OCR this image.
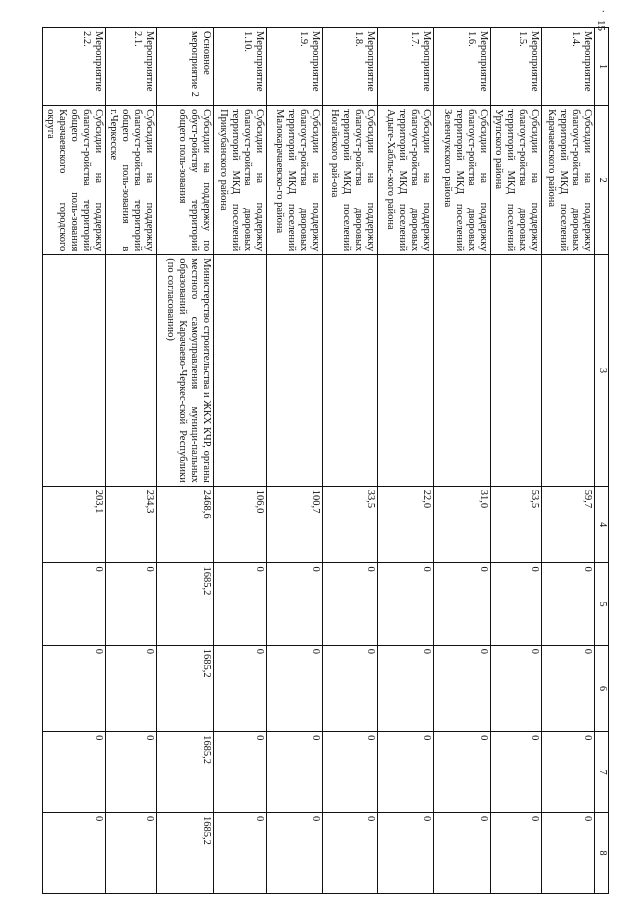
.
15
1	2	3	4	5	6	7	8
Мероприятие 1.4.	Субсидии на поддержку благоуст-ройства дворовых территорий МКД поселений Карачаевского района		59,7	0	0	0	0
Мероприятие 1.5.	Субсидии на поддержку благоуст-ройства дворовых территорий МКД поселений Урупского района		53,5	0	0	0	0
Мероприятие 1.6.	Субсидии на поддержку благоуст-ройства дворовых территорий МКД поселений Зеленчукского района		31,0	0	0	0	0
Мероприятие 1.7.	Субсидии на поддержку благоуст-ройства дворовых территорий МКД поселений Адыге-Хабльс-кого района		22,0	0	0	0	0
Мероприятие 1.8.	Субсидии на поддержку благоуст-ройства дворовых территорий МКД поселений Ногайского рай-она		33,5	0	0	0	0
Мероприятие 1.9.	Субсидии на поддержку благоуст-ройства дворовых территорий МКД поселений Малокарачаевско-го района		100,7	0	0	0	0
Мероприятие 1.10.	Субсидии на поддержку благоуст-ройства дворовых территорий МКД поселений Прикубанского района		106,0	0	0	0	0
Основное мероприятие 2	Субсидии на поддержку по обуст-ройству территорий общего поль-зования	Министерство строительства и ЖКХ КЧР, органы местного самоуправления муници-пальных образований Карачаево-Черкес-ской Республики (по согласованию)	2468,6	1685,2	1685,2	1685,2	1685,2
Мероприятие 2.1.	Субсидии на поддержку благоуст-ройства территорий общего поль-зования в г.Черкесске		234,3	0	0	0	0
Мероприятие 2.2.	Субсидии на поддержку благоуст-ройства территорий общего поль-зования Карачаевского городского округа		203,1	0	0	0	0
